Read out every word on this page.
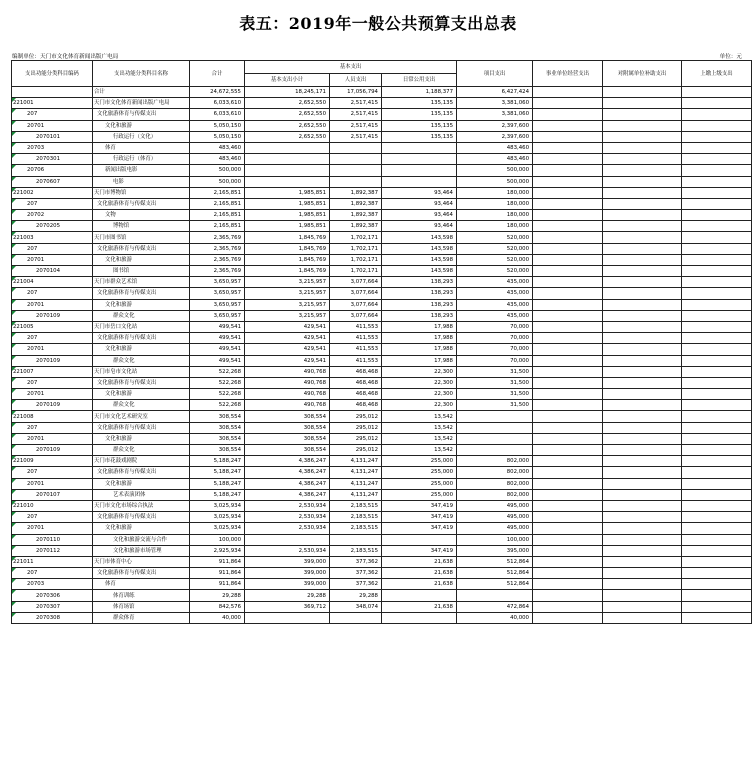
表五：2019年一般公共预算支出总表
编制单位：天门市文化体育新闻出版广电局	单位：元
支出功能分类科目编码	支出功能分类科目名称	合计	基本支出			项目支出	事业单位经营支出	对附属单位补助支出	上缴上级支出
			基本支出小计	人员支出	日常公用支出				
	合计	24,672,555	18,245,171	17,056,794	1,188,377	6,427,424			
221001	天门市文化体育新闻出版广电局	6,033,610	2,652,550	2,517,415	135,135	3,381,060			
207	文化旅游体育与传媒支出	6,033,610	2,652,550	2,517,415	135,135	3,381,060			
20701	文化和旅游	5,050,150	2,652,550	2,517,415	135,135	2,397,600			
2070101	行政运行（文化）	5,050,150	2,652,550	2,517,415	135,135	2,397,600			
20703	体育	483,460				483,460			
2070301	行政运行（体育）	483,460				483,460			
20706	新闻出版电影	500,000				500,000			
2070607	电影	500,000				500,000			
221002	天门市博物馆	2,165,851	1,985,851	1,892,387	93,464	180,000			
207	文化旅游体育与传媒支出	2,165,851	1,985,851	1,892,387	93,464	180,000			
20702	文物	2,165,851	1,985,851	1,892,387	93,464	180,000			
2070205	博物馆	2,165,851	1,985,851	1,892,387	93,464	180,000			
221003	天门市图书馆	2,365,769	1,845,769	1,702,171	143,598	520,000			
207	文化旅游体育与传媒支出	2,365,769	1,845,769	1,702,171	143,598	520,000			
20701	文化和旅游	2,365,769	1,845,769	1,702,171	143,598	520,000			
2070104	图书馆	2,365,769	1,845,769	1,702,171	143,598	520,000			
221004	天门市群众艺术馆	3,650,957	3,215,957	3,077,664	138,293	435,000			
207	文化旅游体育与传媒支出	3,650,957	3,215,957	3,077,664	138,293	435,000			
20701	文化和旅游	3,650,957	3,215,957	3,077,664	138,293	435,000			
2070109	群众文化	3,650,957	3,215,957	3,077,664	138,293	435,000			
221005	天门市岳口文化站	499,541	429,541	411,553	17,988	70,000			
207	文化旅游体育与传媒支出	499,541	429,541	411,553	17,988	70,000			
20701	文化和旅游	499,541	429,541	411,553	17,988	70,000			
2070109	群众文化	499,541	429,541	411,553	17,988	70,000			
221007	天门市皂市文化站	522,268	490,768	468,468	22,300	31,500			
207	文化旅游体育与传媒支出	522,268	490,768	468,468	22,300	31,500			
20701	文化和旅游	522,268	490,768	468,468	22,300	31,500			
2070109	群众文化	522,268	490,768	468,468	22,300	31,500			
221008	天门市文化艺术研究室	308,554	308,554	295,012	13,542				
207	文化旅游体育与传媒支出	308,554	308,554	295,012	13,542				
20701	文化和旅游	308,554	308,554	295,012	13,542				
2070109	群众文化	308,554	308,554	295,012	13,542				
221009	天门市花鼓戏剧院	5,188,247	4,386,247	4,131,247	255,000	802,000			
207	文化旅游体育与传媒支出	5,188,247	4,386,247	4,131,247	255,000	802,000			
20701	文化和旅游	5,188,247	4,386,247	4,131,247	255,000	802,000			
2070107	艺术表演团体	5,188,247	4,386,247	4,131,247	255,000	802,000			
221010	天门市文化市场综合执法	3,025,934	2,530,934	2,183,515	347,419	495,000			
207	文化旅游体育与传媒支出	3,025,934	2,530,934	2,183,515	347,419	495,000			
20701	文化和旅游	3,025,934	2,530,934	2,183,515	347,419	495,000			
2070110	文化和旅游交流与合作	100,000				100,000			
2070112	文化和旅游市场管理	2,925,934	2,530,934	2,183,515	347,419	395,000			
221011	天门市体育中心	911,864	399,000	377,362	21,638	512,864			
207	文化旅游体育与传媒支出	911,864	399,000	377,362	21,638	512,864			
20703	体育	911,864	399,000	377,362	21,638	512,864			
2070306	体育训练	29,288	29,288	29,288					
2070307	体育场馆	842,576	369,712	348,074	21,638	472,864			
2070308	群众体育	40,000				40,000			
